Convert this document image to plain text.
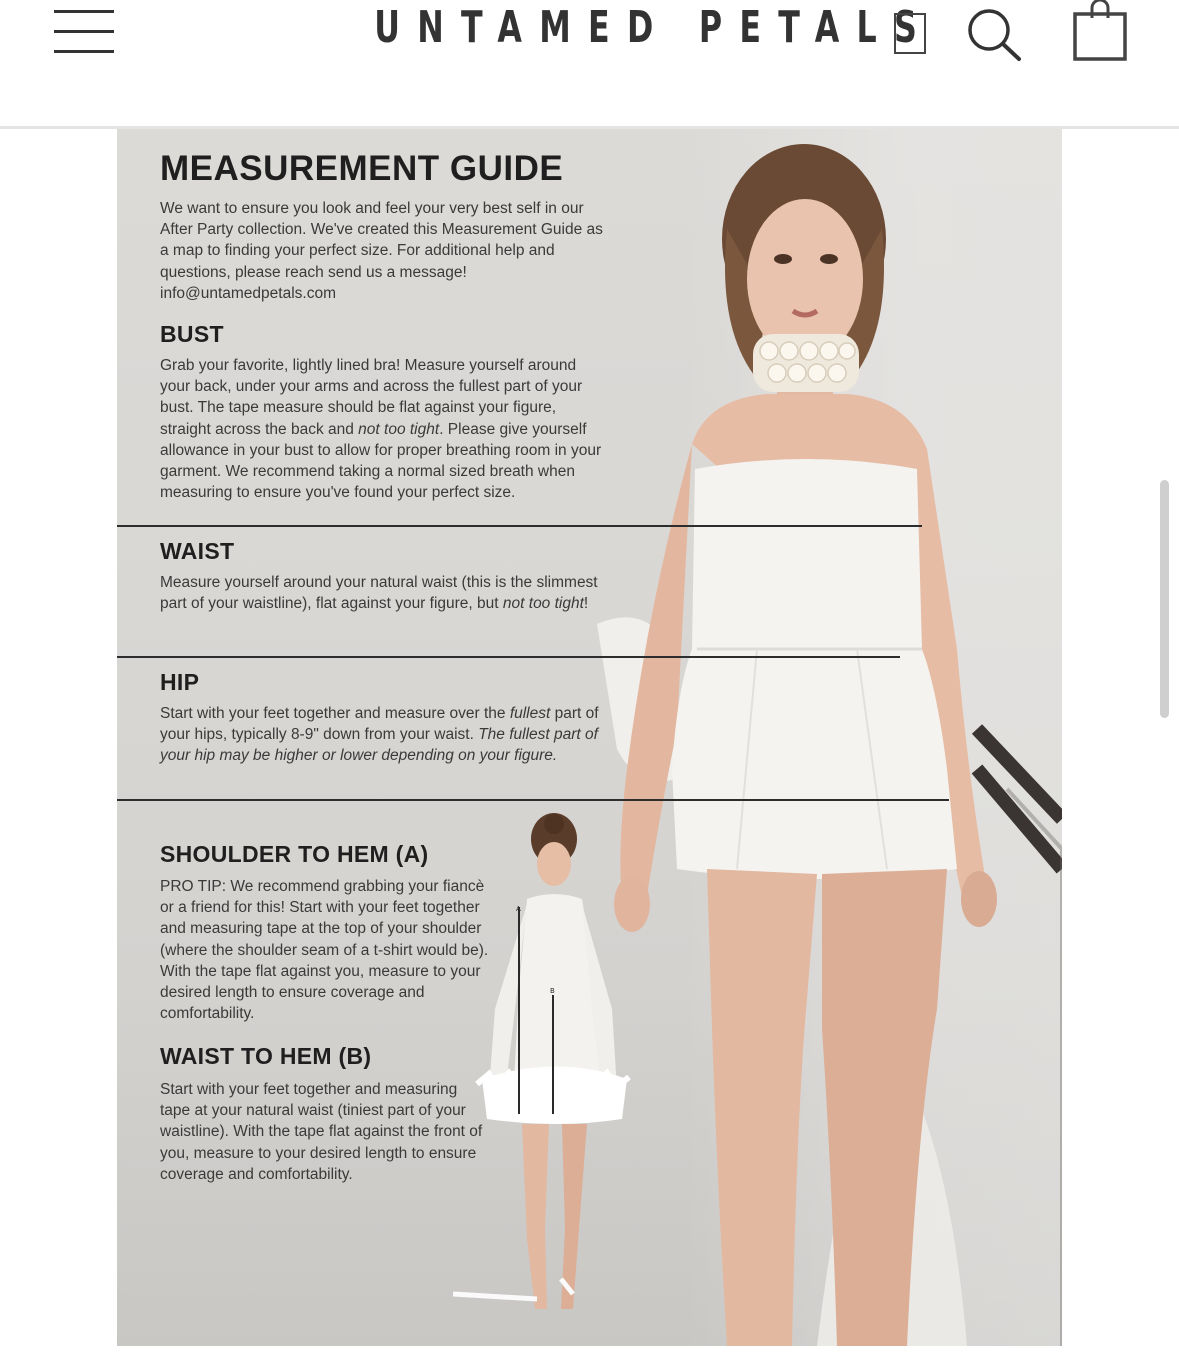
UNTAMED PETALS
A
B
MEASUREMENT GUIDE
We want to ensure you look and feel your very best self in our After Party collection. We've created this Measurement Guide as a map to finding your perfect size. For additional help and questions, please reach send us a message!
info@untamedpetals.com
BUST
Grab your favorite, lightly lined bra! Measure yourself around your back, under your arms and across the fullest part of your bust. The tape measure should be flat against your figure, straight across the back and not too tight. Please give yourself allowance in your bust to allow for proper breathing room in your garment. We recommend taking a normal sized breath when measuring to ensure you've found your perfect size.
WAIST
Measure yourself around your natural waist (this is the slimmest part of your waistline), flat against your figure, but not too tight!
HIP
Start with your feet together and measure over the fullest part of your hips, typically 8-9" down from your waist. The fullest part of your hip may be higher or lower depending on your figure.
SHOULDER TO HEM (A)
PRO TIP: We recommend grabbing your fiancè or a friend for this! Start with your feet together and measuring tape at the top of your shoulder (where the shoulder seam of a t-shirt would be). With the tape flat against you, measure to your desired length to ensure coverage and comfortability.
WAIST TO HEM (B)
Start with your feet together and measuring tape at your natural waist (tiniest part of your waistline). With the tape flat against the front of you, measure to your desired length to ensure coverage and comfortability.
